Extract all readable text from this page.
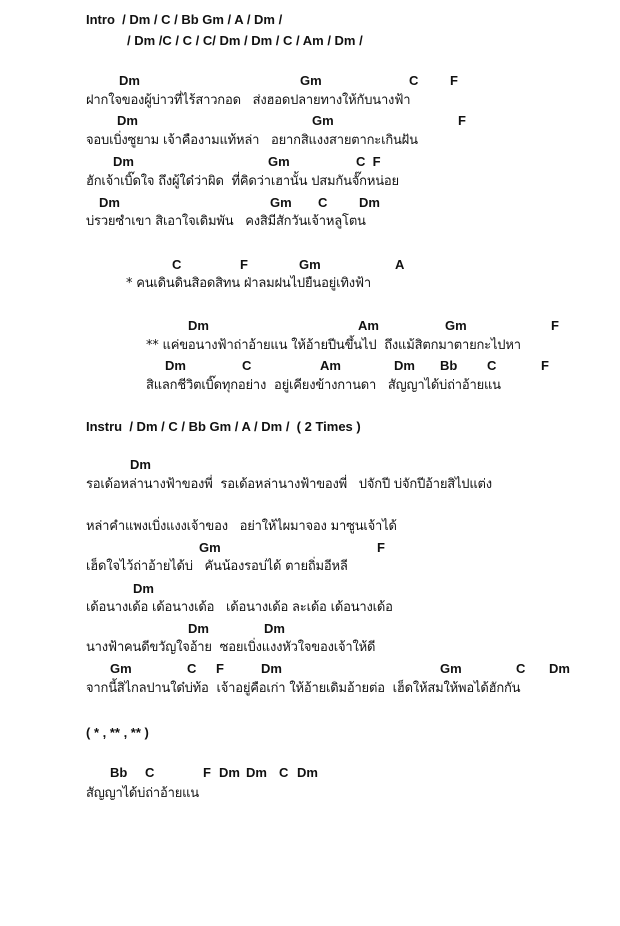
Intro  / Dm / C / Bb Gm / A / Dm /
/ Dm /C / C / C/ Dm / Dm / C / Am / Dm /

Dm

	Gm

	C

F

ฝากใจของผู้บ่าวที่ไร้สาวกอด   ส่งฮอดปลายทางให้กับนางฟ้า

Dm

	Gm

	F

จอบเบิ่งซูยาม เจ้าคืองามแท้หล่า   อยากสิแงงสายตากะเกินฝัน

Dm

	Gm

	C  F

ฮักเจ้าเบิ๊ดใจ ถึงผู้ใด๋ว่าผิด  ที่คิดว่าเฮานั้น ปสมกันจั๊กหน่อย

Dm

	Gm

C

Dm

บ่รวยซำเขา สิเอาใจเดิมพัน   คงสิมีสักวันเจ้าหลูโตน

C

	F

	Gm

	A

* คนเดินดินสิอดสิทน ฝ่าลมฝนไปยืนอยู่เทิงฟ้า

Dm

	Am

	Gm

	F

** แค่ขอนางฟ้าถ่าอ้ายแน ให้อ้ายปีนขึ้นไป  ถึงแม้สิตกมาตายกะไปหา

Dm

	C

	Am

	Dm

Bb

C

	F

สิแลกชีวิตเบิ๊ดทุกอย่าง  อยู่เคียงข้างกานดา   สัญญาได้บ่ถ่าอ้ายแน
Instru  / Dm / C / Bb Gm / A / Dm /  ( 2 Times )
Dm
รอเด้อหล่านางฟ้าของพี่  รอเด้อหล่านางฟ้าของพี่   ปจักปี บ่จักปีอ้ายสิไปแต่ง
หล่าคำแพงเบิ่งแงงเจ้าของ   อย่าให้ไผมาจอง มาซูนเจ้าได้

Gm

	F

เฮ็ดใจไว้ถ่าอ้ายได้บ่   คันน้องรอบ่ได้ ตายถิ่มอีหลี
Dm
เด้อนางเด้อ เด้อนางเด้อ   เด้อนางเด้อ ละเด้อ เด้อนางเด้อ

Dm

	Dm

นางฟ้าคนดีขวัญใจอ้าย  ซอยเบิ่งแงงหัวใจของเจ้าให้ดี

Gm

	C

F

	Dm

	Gm

	C

Dm

จากนี้สิไกลปานใด๋บ่ท้อ  เจ้าอยู่คือเก่า ให้อ้ายเดิมอ้ายต่อ  เฮ็ดให้สมให้พอได้ฮักกัน
( * , ** , ** )

Bb

C

	F

Dm

Dm

C

Dm

สัญญาได้บ่ถ่าอ้ายแน
